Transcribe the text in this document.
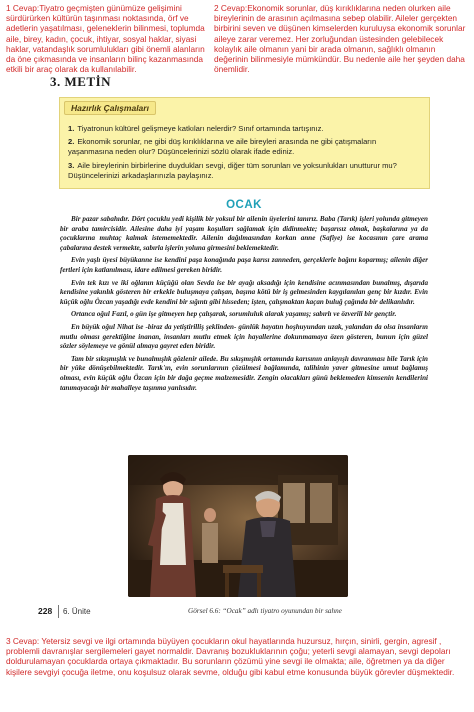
1 Cevap:Tiyatro geçmişten günümüze gelişimini sürdürürken kültürün taşınması noktasında, örf ve adetlerin yaşatılması, geleneklerin bilinmesi, toplumda aile, birey, kadın, çocuk, ihtiyar, sosyal haklar, siyasi haklar, vatandaşlık sorumlulukları gibi önemli alanların da öne çıkmasında ve insanların bilinç kazanmasında etkili bir araç olarak da kullanılabilir.
2 Cevap:Ekonomik sorunlar, düş kırıklıklarına neden olurken aile bireylerinin de arasının açılmasına sebep olabilir. Aileler gerçekten birbirini seven ve düşünen kimselerden kuruluysa ekonomik sorunlar aileye zarar veremez. Her zorluğundan üstesinden gelebilecek kolaylık aile olmanın yani bir arada olmanın, sağlıklı olmanın değerinin bilinmesiyle mümkündür. Bu nedenle aile her şeyden daha önemlidir.
3. METİN
Hazırlık Çalışmaları
1. Tiyatronun kültürel gelişmeye katkıları nelerdir? Sınıf ortamında tartışınız.
2. Ekonomik sorunlar, ne gibi düş kırıklıklarına ve aile bireyleri arasında ne gibi çatışmaların yaşanmasına neden olur? Düşüncelerinizi sözlü olarak ifade ediniz.
3. Aile bireylerinin birbirlerine duydukları sevgi, diğer tüm sorunları ve yoksunlukları unutturur mu? Düşüncelerinizi arkadaşlarınızla paylaşınız.
OCAK

Bir pazar sabahıdır. Dört çocuklu yedi kişilik bir yoksul bir ailenin üyelerini tanırız. Baba (Tarık) işleri yolunda gitmeyen bir araba tamircisidir. Ailesine daha iyi yaşam koşulları sağlamak için didinmekte; başarısız olmak, başkalarına ya da çocuklarına muhtaç kalmak istememektedir. Ailenin dağılmasından korkan anne (Safiye) ise kocasının çare arama çabalarına destek vermekte, sabırla işlerin yoluna girmesini beklemektedir.

Evin yaşlı üyesi büyükanne ise kendini paşa konağında paşa karısı zanneden, gerçeklerle bağını koparmış; ailenin diğer fertleri için katlanılması, idare edilmesi gereken biridir.

Evin tek kızı ve iki oğlanın küçüğü olan Sevda ise bir ayağı aksadığı için kendisine acınmasından bunalmış, dışarıda kendisine yakınlık gösteren bir erkekle buluşmaya çalışan, başına kötü bir iş gelmesinden kaygılanılan genç bir kızdır. Evin küçük oğlu Özcan yaşadığı evde kendini bir sığıntı gibi hissеden; işten, çalışmaktan kaçan buluğ çağında bir delikanlıdır.

Ortanca oğul Fazıl, o gün işe gitmeyen hep çalışarak, sorumluluk alarak yaşamış; sabırlı ve özverili bir gençtir.

En büyük oğul Nihat ise -biraz da yetiştirilliş şeklinden- günlük hayatın hoşhuyundan uzak, yalandan da olsa insanların mutlu olması gerektiğine inanan, insanları mutlu etmek için hayallerine dokunmamaya özen gösteren, bunun için güzel sözler söylemeye ve gönül almaya gayret eden biridir.

Tam bir sıkışmışlık ve bunalmışlık gözlenir ailede. Bu sıkışmışlık ortamında karısının anlayışlı davranması bile Tarık için bir yüke dönüşebilmektedir. Tarık'ın, evin sorunlarının çözülmesi bağlamında, talihinin yaver gitmesine umut bağlamış olması, evin küçük oğlu Özcan için bir dağa geçme malzemesidir. Zengin olacakları günü beklemeden kimsenin kendilerini tanımayacağı bir mahalleye taşınma yanlısıdır.

228 6. Ünite	Görsel 6.6: “Ocak” adlı tiyatro oyunundan bir sahne
3 Cevap: Yetersiz sevgi ve ilgi ortamında büyüyen çocukların okul hayatlarında huzursuz, hırçın, sinirli, gergin, agresif , problemli davranışlar sergilemeleri gayet normaldir. Davranış bozukluklarının çoğu; yeterli sevgi alamayan, sevgi depoları doldurulamayan çocuklarda ortaya çıkmaktadır. Bu sorunların çözümü yine sevgi ile olmakta; aile, öğretmen ya da diğer kişilere sevgiyi çocuğa iletme, onu koşulsuz olarak sevme, olduğu gibi kabul etme konusunda büyük görevler düşmektedir.
